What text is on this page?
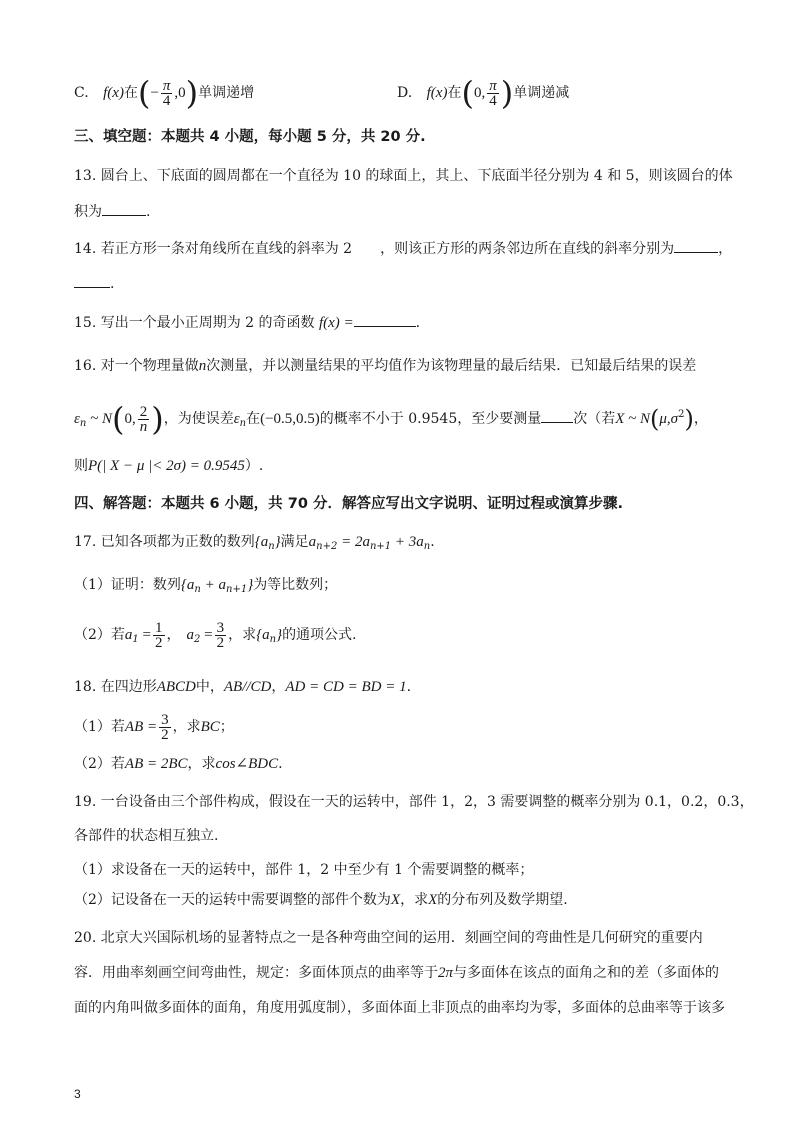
C. f(x)在(− $\frac{\pi}{4} ,0$)单调递增	D. f(x)在(0, $\frac{\pi}{4}$ )单调递减
三、填空题：本题共 4 小题，每小题 5 分，共 20 分.
13. 圆台上、下底面的圆周都在一个直径为 10 的球面上，其上、下底面半径分别为 4 和 5，则该圆台的体
积为	.
14. 若正方形一条对角线所在直线的斜率为 2　　，则该正方形的两条邻边所在直线的斜率分别为	，
.
15. 写出一个最小正周期为 2 的奇函数 f(x) =	.
16. 对一个物理量做n次测量，并以测量结果的平均值作为该物理量的最后结果．已知最后结果的误差
$\varepsilon_n$ ~ N(0, $\frac{2}{n}$ )，为使误差$\varepsilon_n$在(−0.5,0.5)的概率不小于 0.9545，至少要测量 次（若X ~ $N(\mu,\sigma^2)$，
则P(| X − μ |< 2σ) = 0.9545）.
四、解答题：本题共 6 小题，共 70 分．解答应写出文字说明、证明过程或演算步骤.
17. 已知各项都为正数的数列$\{a_n\}$满足$a_{n+2} = 2a_{n+1} + 3a_n$.
（1）证明：数列$\{a_n + a_{n+1}\}$为等比数列；
（2）若$a_1 = \frac{1}{2}$ ， $a_2 = \frac{3}{2}$ ，求$\{a_n\}$的通项公式.
18. 在四边形ABCD中，AB//CD，AD = CD = BD = 1.
（1）若AB = $\frac{3}{2}$ ，求BC；
（2）若AB = 2BC，求cos∠BDC.
19. 一台设备由三个部件构成，假设在一天的运转中，部件 1，2，3 需要调整的概率分别为 0.1，0.2，0.3，
各部件的状态相互独立.
（1）求设备在一天的运转中，部件 1，2 中至少有 1 个需要调整的概率；
（2）记设备在一天的运转中需要调整的部件个数为X，求X的分布列及数学期望.
20. 北京大兴国际机场的显著特点之一是各种弯曲空间的运用．刻画空间的弯曲性是几何研究的重要内
容．用曲率刻画空间弯曲性，规定：多面体顶点的曲率等于2π与多面体在该点的面角之和的差（多面体的
面的内角叫做多面体的面角，角度用弧度制），多面体面上非顶点的曲率均为零，多面体的总曲率等于该多
3
